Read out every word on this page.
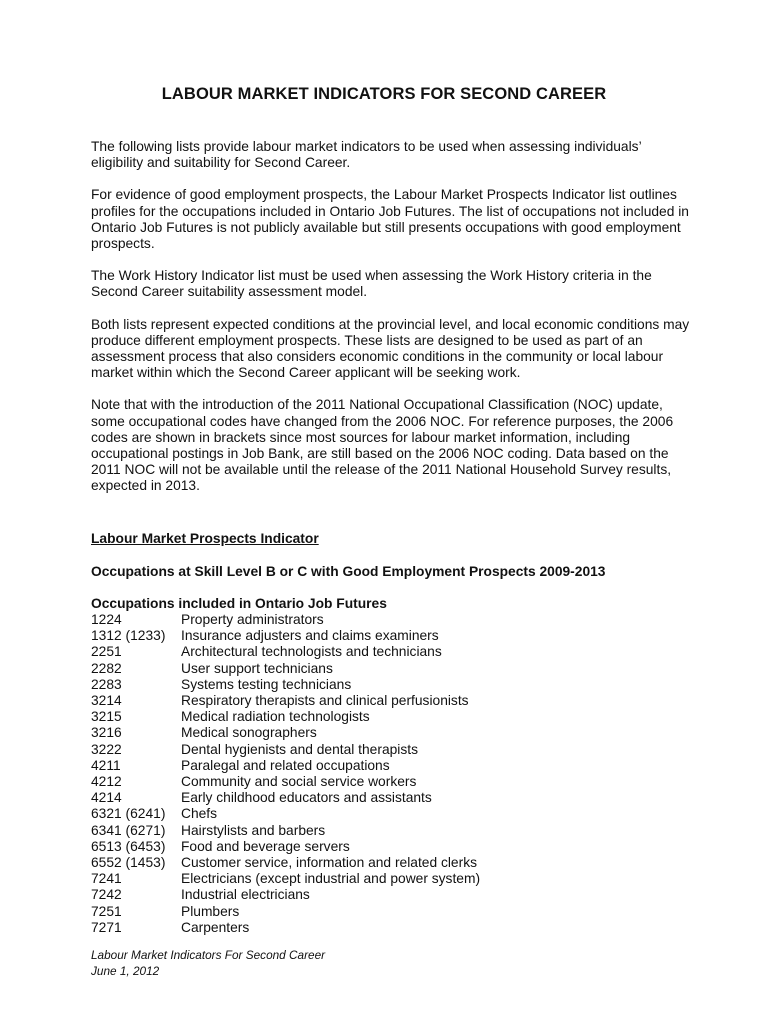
LABOUR MARKET INDICATORS FOR SECOND CAREER

The following lists provide labour market indicators to be used when assessing individuals’ eligibility and suitability for Second Career.

For evidence of good employment prospects, the Labour Market Prospects Indicator list outlines profiles for the occupations included in Ontario Job Futures. The list of occupations not included in Ontario Job Futures is not publicly available but still presents occupations with good employment prospects.

The Work History Indicator list must be used when assessing the Work History criteria in the Second Career suitability assessment model.

Both lists represent expected conditions at the provincial level, and local economic conditions may produce different employment prospects. These lists are designed to be used as part of an assessment process that also considers economic conditions in the community or local labour market within which the Second Career applicant will be seeking work.

Note that with the introduction of the 2011 National Occupational Classification (NOC) update, some occupational codes have changed from the 2006 NOC. For reference purposes, the 2006 codes are shown in brackets since most sources for labour market information, including occupational postings in Job Bank, are still based on the 2006 NOC coding. Data based on the 2011 NOC will not be available until the release of the 2011 National Household Survey results, expected in 2013.

Labour Market Prospects Indicator
Occupations at Skill Level B or C with Good Employment Prospects 2009-2013
Occupations included in Ontario Job Futures
1224	Property administrators
1312 (1233)	Insurance adjusters and claims examiners
2251	Architectural technologists and technicians
2282	User support technicians
2283	Systems testing technicians
3214	Respiratory therapists and clinical perfusionists
3215	Medical radiation technologists
3216	Medical sonographers
3222	Dental hygienists and dental therapists
4211	Paralegal and related occupations
4212	Community and social service workers
4214	Early childhood educators and assistants
6321 (6241)	Chefs
6341 (6271)	Hairstylists and barbers
6513 (6453)	Food and beverage servers
6552 (1453)	Customer service, information and related clerks
7241	Electricians (except industrial and power system)
7242	Industrial electricians
7251	Plumbers
7271	Carpenters
Labour Market Indicators For Second Career
June 1, 2012
